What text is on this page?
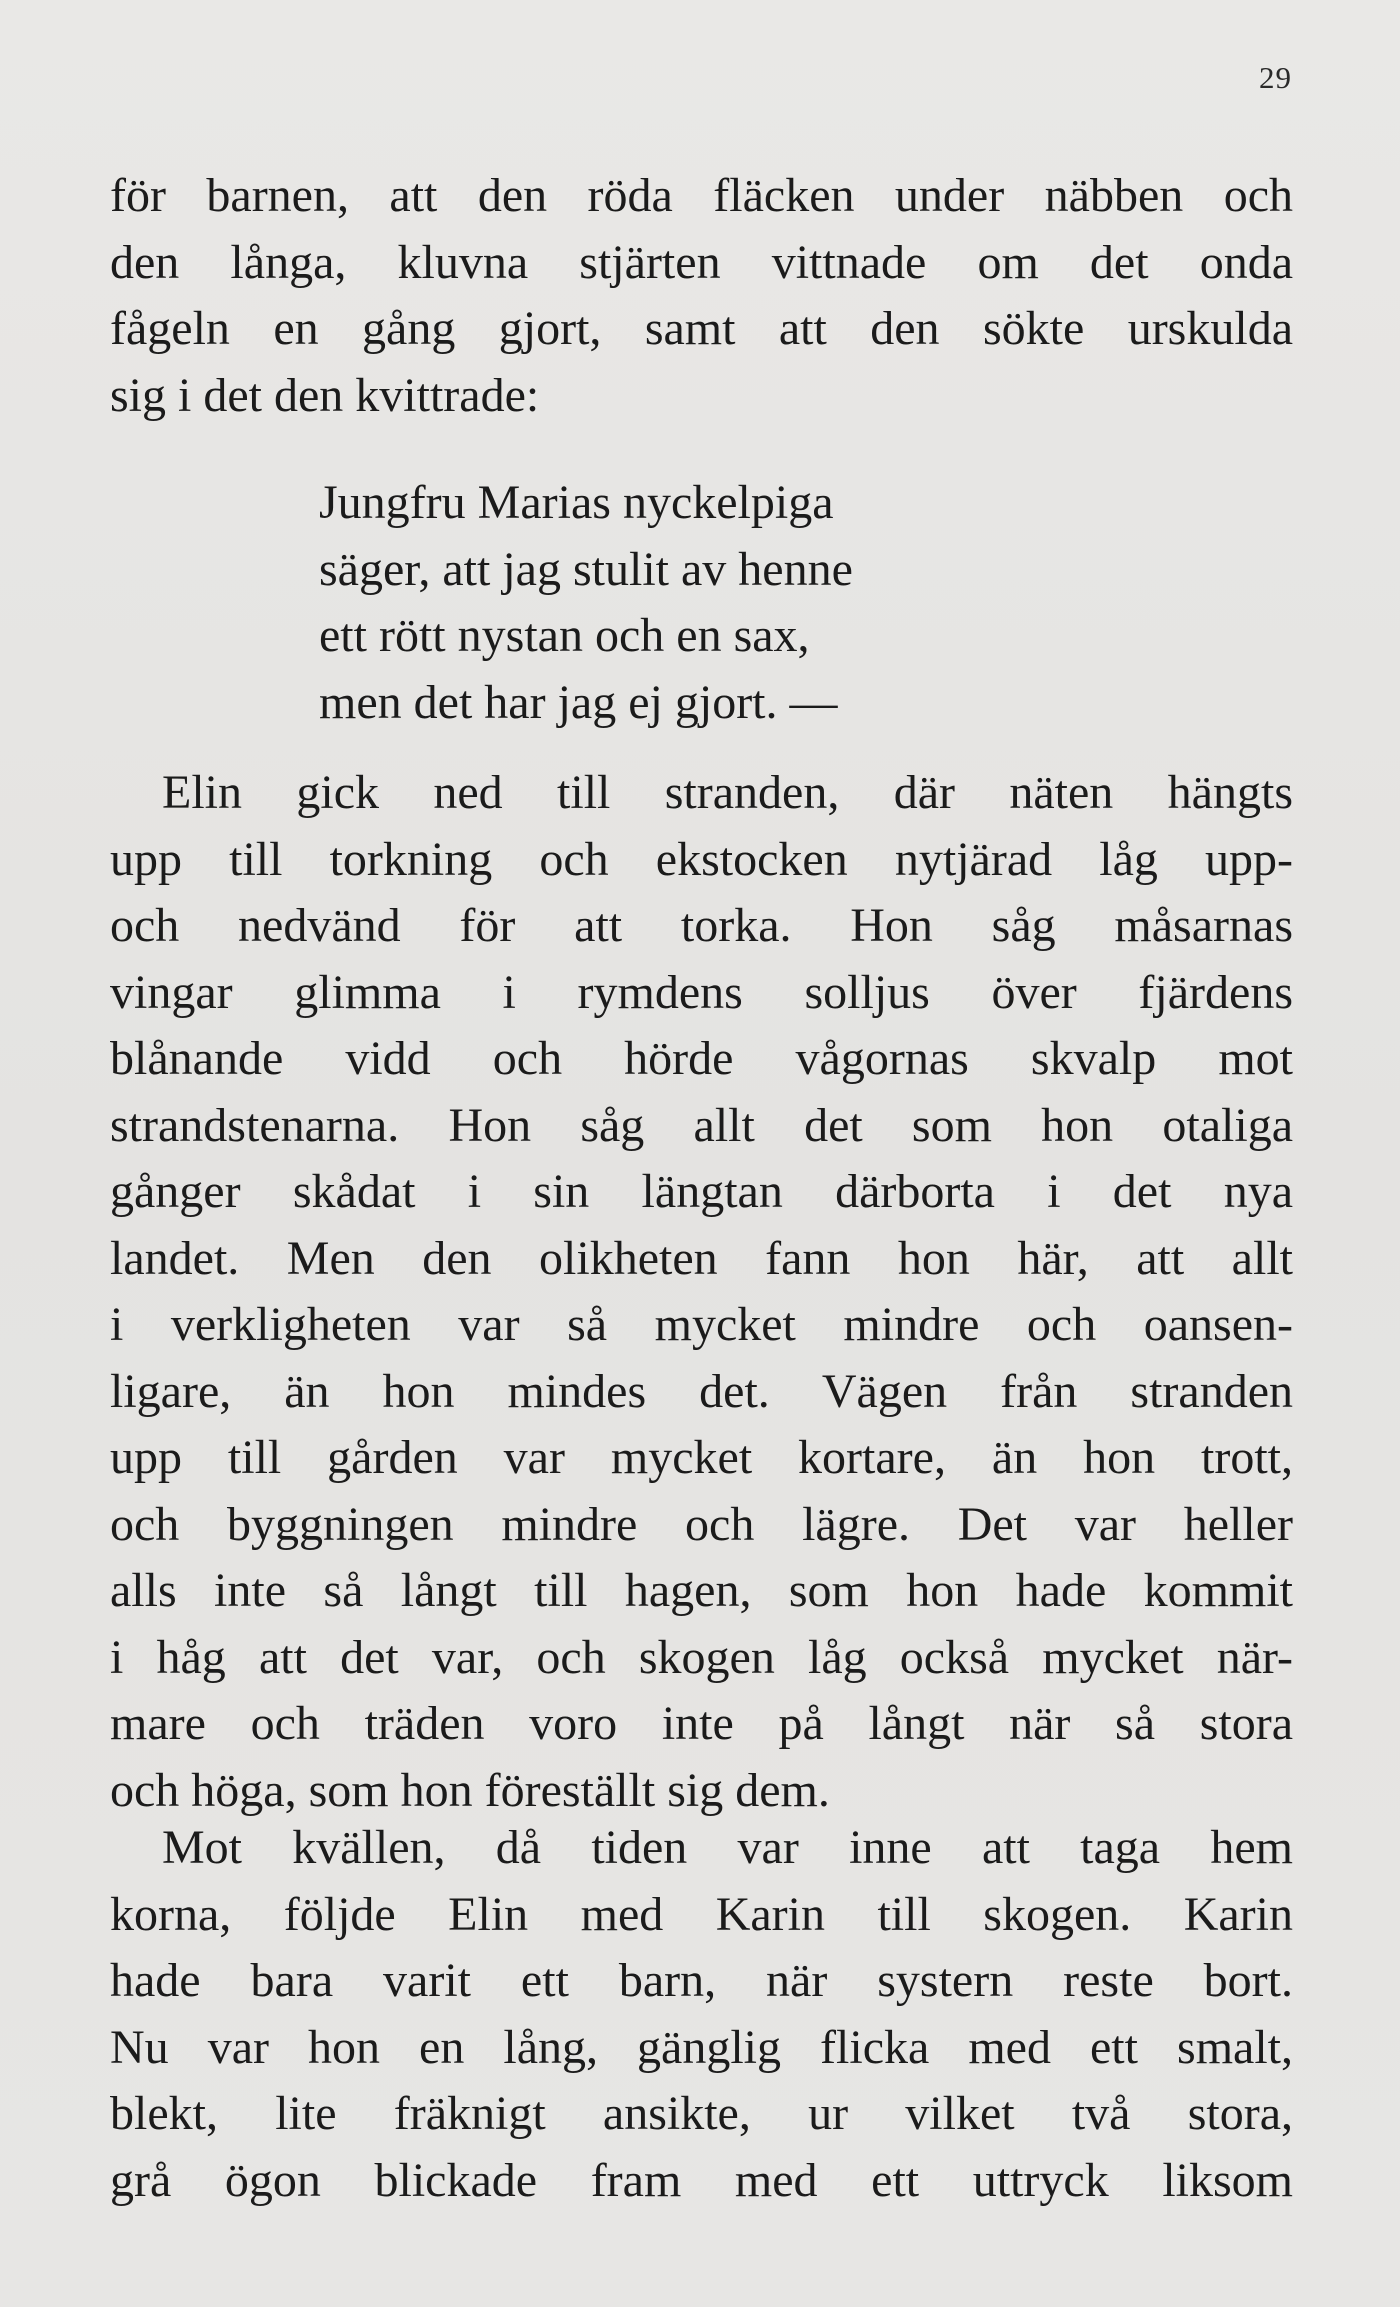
29
för barnen, att den röda fläcken under näbben och
den långa, kluvna stjärten vittnade om det onda
fågeln en gång gjort, samt att den sökte urskulda
sig i det den kvittrade:
Jungfru Marias nyckelpiga
säger, att jag stulit av henne
ett rött nystan och en sax,
men det har jag ej gjort. —
Elin gick ned till stranden, där näten hängts
upp till torkning och ekstocken nytjärad låg upp-
och nedvänd för att torka. Hon såg måsarnas
vingar glimma i rymdens solljus över fjärdens
blånande vidd och hörde vågornas skvalp mot
strandstenarna. Hon såg allt det som hon otaliga
gånger skådat i sin längtan därborta i det nya
landet. Men den olikheten fann hon här, att allt
i verkligheten var så mycket mindre och oansen-
ligare, än hon mindes det. Vägen från stranden
upp till gården var mycket kortare, än hon trott,
och byggningen mindre och lägre. Det var heller
alls inte så långt till hagen, som hon hade kommit
i håg att det var, och skogen låg också mycket när-
mare och träden voro inte på långt när så stora
och höga, som hon föreställt sig dem.
Mot kvällen, då tiden var inne att taga hem
korna, följde Elin med Karin till skogen. Karin
hade bara varit ett barn, när systern reste bort.
Nu var hon en lång, gänglig flicka med ett smalt,
blekt, lite fräknigt ansikte, ur vilket två stora,
grå ögon blickade fram med ett uttryck liksom
